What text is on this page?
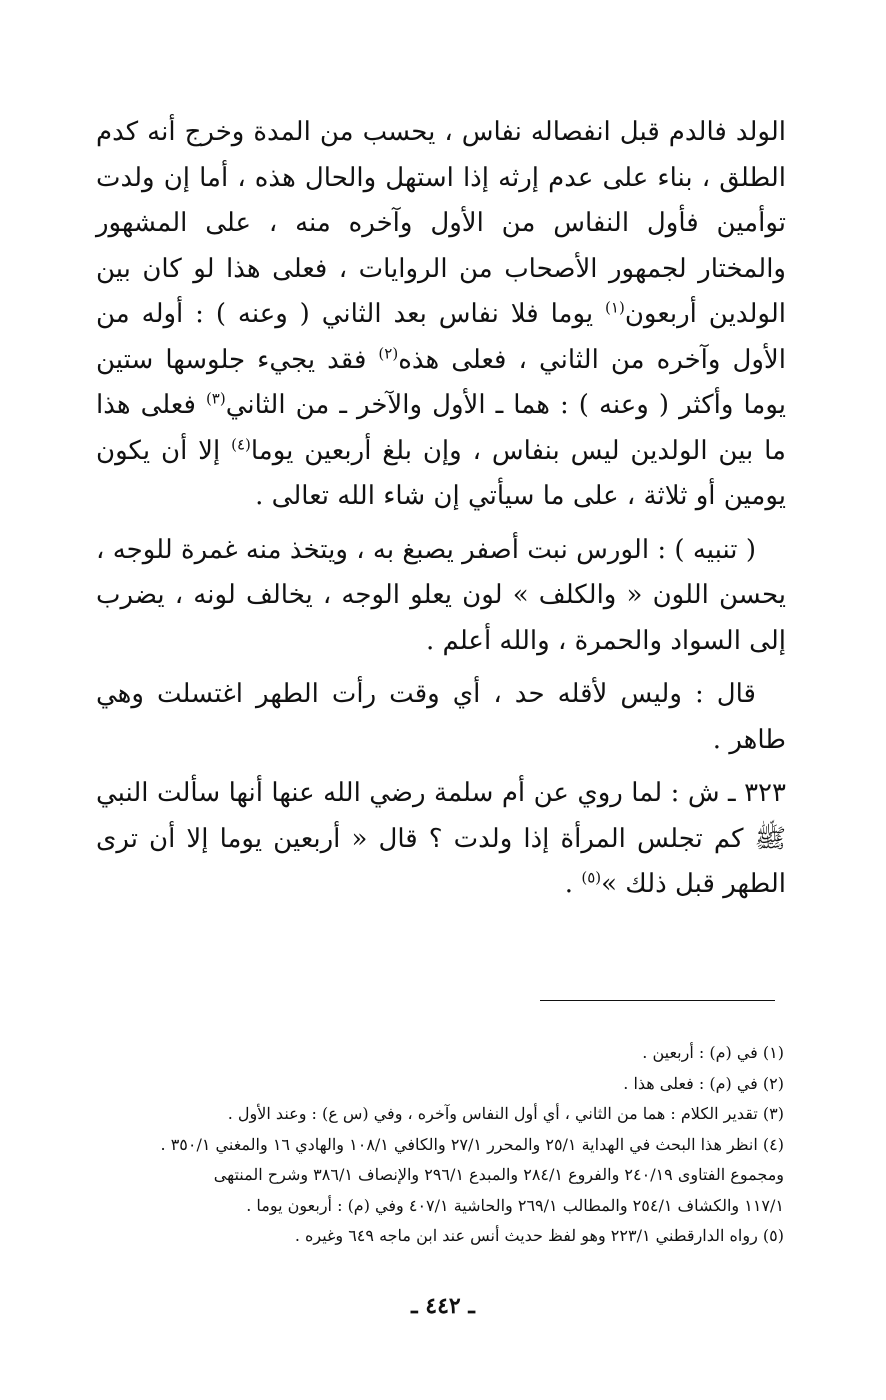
الولد فالدم قبل انفصاله نفاس ، يحسب من المدة وخرج أنه كدم الطلق ، بناء على عدم إرثه إذا استهل والحال هذه ، أما إن ولدت توأمين فأول النفاس من الأول وآخره منه ، على المشهور والمختار لجمهور الأصحاب من الروايات ، فعلى هذا لو كان بين الولدين أربعون$^{(١)}$ يوما فلا نفاس بعد الثاني ( وعنه ) : أوله من الأول وآخره من الثاني ، فعلى هذه$^{(٢)}$ فقد يجيء جلوسها ستين يوما وأكثر ( وعنه ) : هما ـ الأول والآخر ـ من الثاني$^{(٣)}$ فعلى هذا ما بين الولدين ليس بنفاس ، وإن بلغ أربعين يوما$^{(٤)}$ إلا أن يكون يومين أو ثلاثة ، على ما سيأتي إن شاء الله تعالى .

( تنبيه ) : الورس نبت أصفر يصبغ به ، ويتخذ منه غمرة للوجه ، يحسن اللون « والكلف » لون يعلو الوجه ، يخالف لونه ، يضرب إلى السواد والحمرة ، والله أعلم .

قال : وليس لأقله حد ، أي وقت رأت الطهر اغتسلت وهي طاهر .

٣٢٣ ـ ش : لما روي عن أم سلمة رضي الله عنها أنها سألت النبي ﷺ كم تجلس المرأة إذا ولدت ؟ قال « أربعين يوما إلا أن ترى الطهر قبل ذلك »$^{(٥)}$ .

(١) في (م) : أربعين .

(٢) في (م) : فعلى هذا .

(٣) تقدير الكلام : هما من الثاني ، أي أول النفاس وآخره ، وفي (س ع) : وعند الأول .

(٤) انظر هذا البحث في الهداية ٢٥/١ والمحرر ٢٧/١ والكافي ١٠٨/١ والهادي ١٦ والمغني ٣٥٠/١ .

ومجموع الفتاوى ٢٤٠/١٩ والفروع ٢٨٤/١ والمبدع ٢٩٦/١ والإنصاف ٣٨٦/١ وشرح المنتهى

١١٧/١ والكشاف ٢٥٤/١ والمطالب ٢٦٩/١ والحاشية ٤٠٧/١ وفي (م) : أربعون يوما .

(٥) رواه الدارقطني ٢٢٣/١ وهو لفظ حديث أنس عند ابن ماجه ٦٤٩ وغيره .

ـ ٤٤٢ ـ
